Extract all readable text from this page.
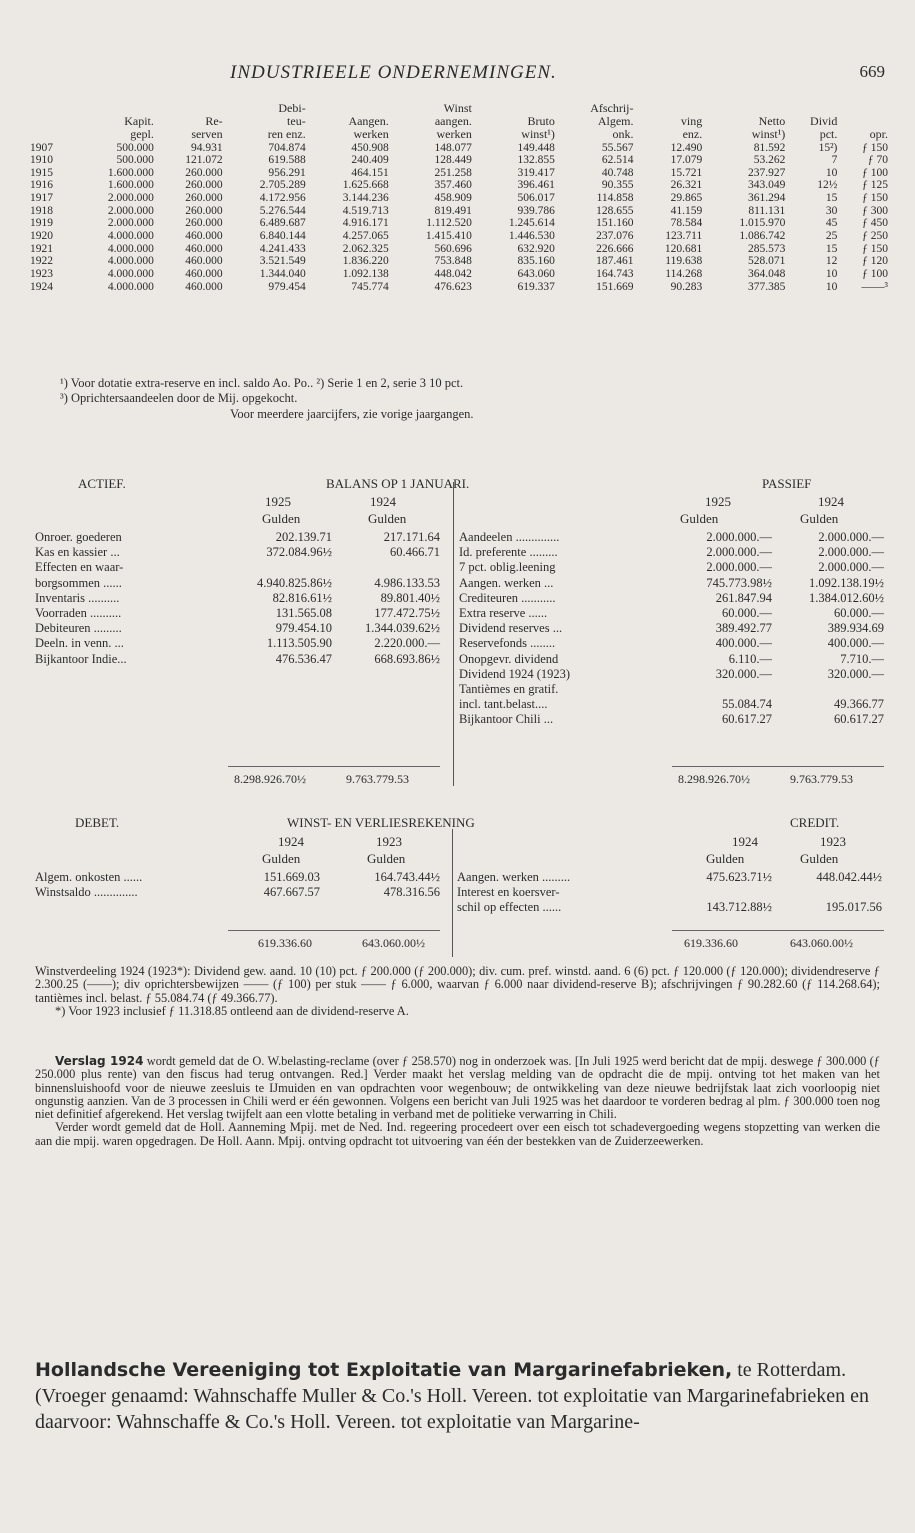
INDUSTRIEELE ONDERNEMINGEN.	669
			Debi-		Winst		Afschrij-				
	Kapit.	Re-	teu-	Aangen.	aangen.	Bruto	Algem.	ving	Netto	Divid	
	gepl.	serven	ren enz.	werken	werken	winst¹)	onk.	enz.	winst¹)	pct.	opr.
1907	500.000	94.931	704.874	450.908	148.077	149.448	55.567	12.490	81.592	15²)	ƒ 150
1910	500.000	121.072	619.588	240.409	128.449	132.855	62.514	17.079	53.262	7	ƒ 70
1915	1.600.000	260.000	956.291	464.151	251.258	319.417	40.748	15.721	237.927	10	ƒ 100
1916	1.600.000	260.000	2.705.289	1.625.668	357.460	396.461	90.355	26.321	343.049	12½	ƒ 125
1917	2.000.000	260.000	4.172.956	3.144.236	458.909	506.017	114.858	29.865	361.294	15	ƒ 150
1918	2.000.000	260.000	5.276.544	4.519.713	819.491	939.786	128.655	41.159	811.131	30	ƒ 300
1919	2.000.000	260.000	6.489.687	4.916.171	1.112.520	1.245.614	151.160	78.584	1.015.970	45	ƒ 450
1920	4.000.000	460.000	6.840.144	4.257.065	1.415.410	1.446.530	237.076	123.711	1.086.742	25	ƒ 250
1921	4.000.000	460.000	4.241.433	2.062.325	560.696	632.920	226.666	120.681	285.573	15	ƒ 150
1922	4.000.000	460.000	3.521.549	1.836.220	753.848	835.160	187.461	119.638	528.071	12	ƒ 120
1923	4.000.000	460.000	1.344.040	1.092.138	448.042	643.060	164.743	114.268	364.048	10	ƒ 100
1924	4.000.000	460.000	979.454	745.774	476.623	619.337	151.669	90.283	377.385	10	——³
¹) Voor dotatie extra-reserve en incl. saldo Ao. Po.. ²) Serie 1 en 2, serie 3 10 pct.
³) Oprichtersaandeelen door de Mij. opgekocht.
Voor meerdere jaarcijfers, zie vorige jaargangen.
ACTIEF.	BALANS OP 1 JANUARI.	PASSIEF
1925	1924
Gulden	Gulden
1925	1924
Gulden	Gulden
Onroer. goederen	202.139.71	217.171.64
Kas en kassier ...	372.084.96½	60.466.71
Effecten en waar-
borgsommen ......	4.940.825.86½	4.986.133.53
Inventaris ..........	82.816.61½	89.801.40½
Voorraden ..........	131.565.08	177.472.75½
Debiteuren .........	979.454.10	1.344.039.62½
Deeln. in venn. ...	1.113.505.90	2.220.000.—
Bijkantoor Indie...	476.536.47	668.693.86½
Aandeelen ..............	2.000.000.—	2.000.000.—
Id. preferente .........	2.000.000.—	2.000.000.—
7 pct. oblig.leening	2.000.000.—	2.000.000.—
Aangen. werken ...	745.773.98½	1.092.138.19½
Crediteuren ...........	261.847.94	1.384.012.60½
Extra reserve ......	60.000.—	60.000.—
Dividend reserves ...	389.492.77	389.934.69
Reservefonds ........	400.000.—	400.000.—
Onopgevr. dividend	6.110.—	7.710.—
Dividend 1924 (1923)	320.000.—	320.000.—
Tantièmes en gratif.
incl. tant.belast....	55.084.74	49.366.77
Bijkantoor Chili ...	60.617.27	60.617.27
8.298.926.70½	9.763.779.53	8.298.926.70½	9.763.779.53
DEBET.	WINST- EN VERLIESREKENING	CREDIT.
1924	1923
Gulden	Gulden
1924	1923
Gulden	Gulden
Algem. onkosten ......	151.669.03	164.743.44½
Winstsaldo ..............	467.667.57	478.316.56
Aangen. werken .........	475.623.71½	448.042.44½
Interest en koersver-
schil op effecten ......	143.712.88½	195.017.56
619.336.60	643.060.00½	619.336.60	643.060.00½

Winstverdeeling 1924 (1923*): Dividend gew. aand. 10 (10) pct. ƒ 200.000 (ƒ 200.000); div. cum. pref. winstd. aand. 6 (6) pct. ƒ 120.000 (ƒ 120.000); dividendreserve ƒ 2.300.25 (——); div oprichtersbewijzen —— (ƒ 100) per stuk —— ƒ 6.000, waarvan ƒ 6.000 naar dividend-reserve B); afschrijvingen ƒ 90.282.60 (ƒ 114.268.64); tantièmes incl. belast. ƒ 55.084.74 (ƒ 49.366.77).

*) Voor 1923 inclusief ƒ 11.318.85 ontleend aan de dividend-reserve A.

Verslag 1924 wordt gemeld dat de O. W.belasting-reclame (over ƒ 258.570) nog in onderzoek was. [In Juli 1925 werd bericht dat de mpij. deswege ƒ 300.000 (ƒ 250.000 plus rente) van den fiscus had terug ontvangen. Red.] Verder maakt het verslag melding van de opdracht die de mpij. ontving tot het maken van het binnensluishoofd voor de nieuwe zeesluis te IJmuiden en van opdrachten voor wegenbouw; de ontwikkeling van deze nieuwe bedrijfstak laat zich voorloopig niet ongunstig aanzien. Van de 3 processen in Chili werd er één gewonnen. Volgens een bericht van Juli 1925 was het daardoor te vorderen bedrag al plm. ƒ 300.000 toen nog niet definitief afgerekend. Het verslag twijfelt aan een vlotte betaling in verband met de politieke verwarring in Chili.

Verder wordt gemeld dat de Holl. Aanneming Mpij. met de Ned. Ind. regeering procedeert over een eisch tot schadevergoeding wegens stopzetting van werken die aan die mpij. waren opgedragen. De Holl. Aann. Mpij. ontving opdracht tot uitvoering van één der bestekken van de Zuiderzeewerken.

Hollandsche Vereeniging tot Exploitatie van Margarinefabrieken, te Rotterdam. (Vroeger genaamd: Wahnschaffe Muller & Co.'s Holl. Vereen. tot exploitatie van Margarinefabrieken en daarvoor: Wahnschaffe & Co.'s Holl. Vereen. tot exploitatie van Margarine-
